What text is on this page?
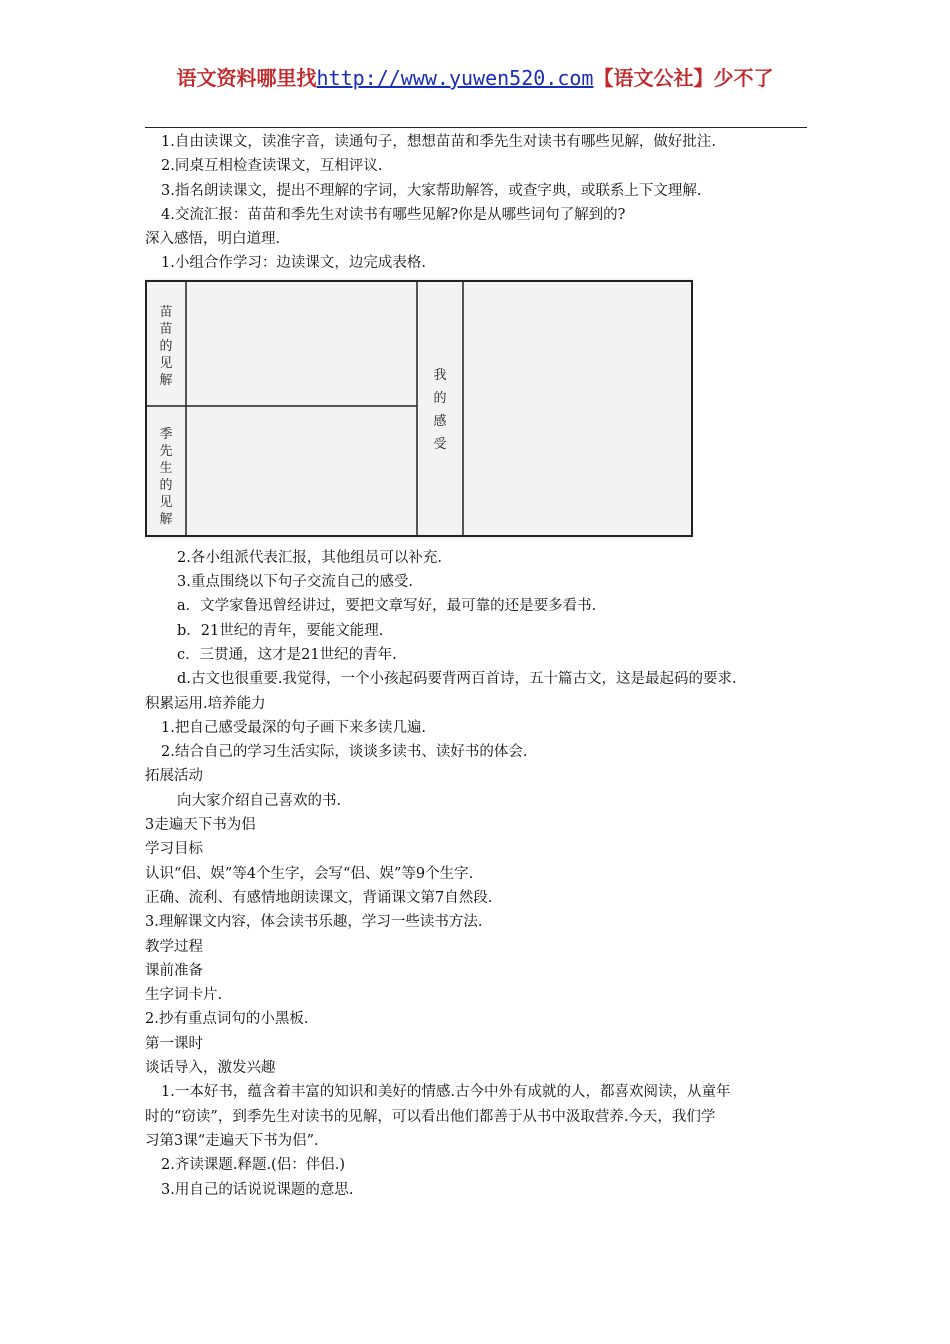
语文资料哪里找http://www.yuwen520.com【语文公社】少不了
1.自由读课文，读准字音，读通句子，想想苗苗和季先生对读书有哪些见解，做好批注.
2.同桌互相检查读课文，互相评议.
3.指名朗读课文，提出不理解的字词，大家帮助解答，或查字典，或联系上下文理解.
4.交流汇报：苗苗和季先生对读书有哪些见解?你是从哪些词句了解到的?
深入感悟，明白道理.
1.小组合作学习：边读课文，边完成表格.
苗苗的见解
季先生的见解
我的感受
2.各小组派代表汇报，其他组员可以补充.
3.重点围绕以下句子交流自己的感受.
a．文学家鲁迅曾经讲过，要把文章写好，最可靠的还是要多看书.
b．21世纪的青年，要能文能理.
c．三贯通，这才是21世纪的青年.
d.古文也很重要.我觉得，一个小孩起码要背两百首诗，五十篇古文，这是最起码的要求.
积累运用.培养能力
1.把自己感受最深的句子画下来多读几遍.
2.结合自己的学习生活实际，谈谈多读书、读好书的体会.
拓展活动
向大家介绍自己喜欢的书.
3走遍天下书为侣
学习目标
认识“侣、娱”等4个生字，会写“侣、娱”等9个生字.
正确、流利、有感情地朗读课文，背诵课文第7自然段.
3.理解课文内容，体会读书乐趣，学习一些读书方法.
教学过程
课前准备
生字词卡片.
2.抄有重点词句的小黑板.
第一课时
谈话导入，激发兴趣
1.一本好书，蕴含着丰富的知识和美好的情感.古今中外有成就的人，都喜欢阅读，从童年
时的“窃读”，到季先生对读书的见解，可以看出他们都善于从书中汲取营养.今天，我们学
习第3课“走遍天下书为侣”.
2.齐读课题.释题.(侣：伴侣.)
3.用自己的话说说课题的意思.
